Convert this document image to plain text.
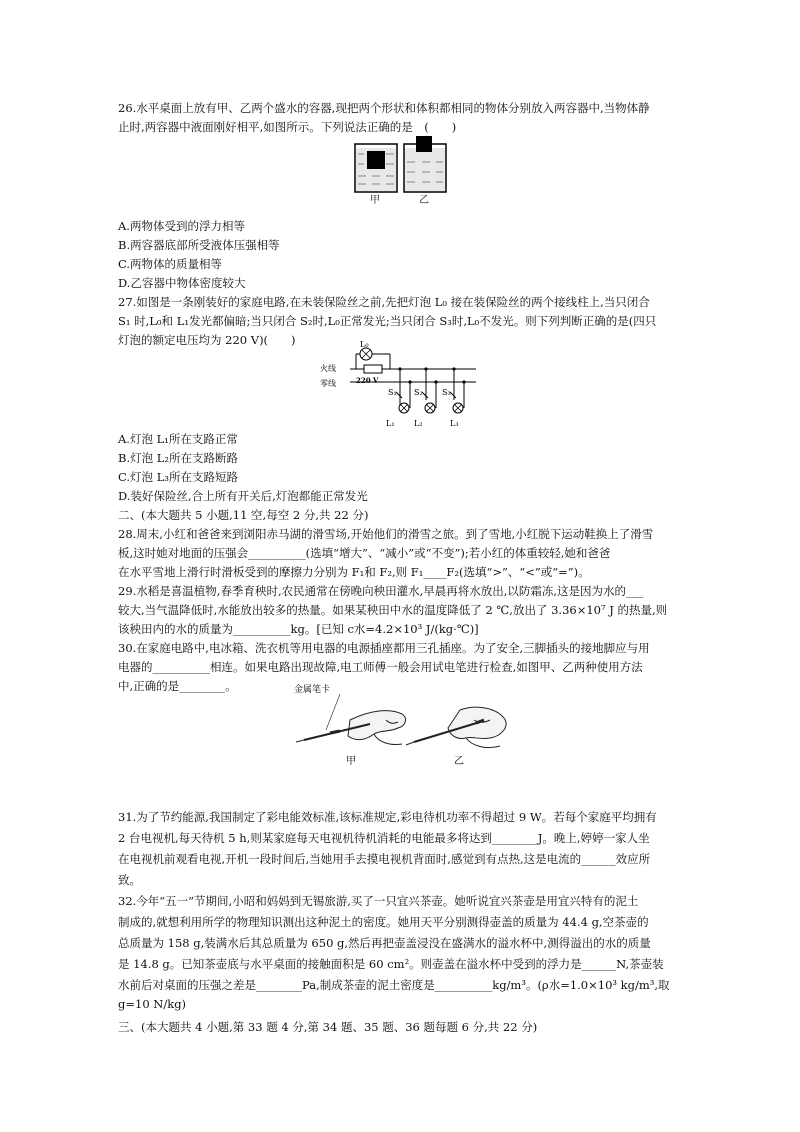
26.水平桌面上放有甲、乙两个盛水的容器,现把两个形状和体积都相同的物体分别放入两容器中,当物体静
止时,两容器中液面刚好相平,如图所示。下列说法正确的是　(　　)
甲	乙
A.两物体受到的浮力相等
B.两容器底部所受液体压强相等
C.两物体的质量相等
D.乙容器中物体密度较大
27.如图是一条刚装好的家庭电路,在未装保险丝之前,先把灯泡 L₀ 接在装保险丝的两个接线柱上,当只闭合
S₁ 时,L₀和 L₁发光都偏暗;当只闭合 S₂时,L₀正常发光;当只闭合 S₃时,L₀不发光。则下列判断正确的是(四只
灯泡的额定电压均为 220 V)(　　)	L₀
火线
零线	220 V
S₁ S₂ S₃
L₁ L₂	L₃
A.灯泡 L₁所在支路正常
B.灯泡 L₂所在支路断路
C.灯泡 L₃所在支路短路
D.装好保险丝,合上所有开关后,灯泡都能正常发光
二、(本大题共 5 小题,11 空,每空 2 分,共 22 分)
28.周末,小红和爸爸来到浏阳赤马湖的滑雪场,开始他们的滑雪之旅。到了雪地,小红脱下运动鞋换上了滑雪
板,这时她对地面的压强会__________(选填“增大”、“减小”或“不变”);若小红的体重较轻,她和爸爸
在水平雪地上滑行时滑板受到的摩擦力分别为 F₁和 F₂,则 F₁____F₂(选填“>”、“<”或“=”)。
29.水稻是喜温植物,春季育秧时,农民通常在傍晚向秧田灌水,早晨再将水放出,以防霜冻,这是因为水的___
较大,当气温降低时,水能放出较多的热量。如果某秧田中水的温度降低了 2 ℃,放出了 3.36×10⁷ J 的热量,则
该秧田内的水的质量为__________kg。[已知 c水=4.2×10³ J/(kg·℃)]
30.在家庭电路中,电冰箱、洗衣机等用电器的电源插座都用三孔插座。为了安全,三脚插头的接地脚应与用
电器的__________相连。如果电路出现故障,电工师傅一般会用试电笔进行检查,如图甲、乙两种使用方法
中,正确的是________。	金属笔卡
甲	乙
31.为了节约能源,我国制定了彩电能效标准,该标准规定,彩电待机功率不得超过 9 W。若每个家庭平均拥有
2 台电视机,每天待机 5 h,则某家庭每天电视机待机消耗的电能最多将达到________J。晚上,婷婷一家人坐
在电视机前观看电视,开机一段时间后,当她用手去摸电视机背面时,感觉到有点热,这是电流的______效应所
致。
32.今年“五一”节期间,小昭和妈妈到无锡旅游,买了一只宜兴茶壶。她听说宜兴茶壶是用宜兴特有的泥土
制成的,就想利用所学的物理知识测出这种泥土的密度。她用天平分别测得壶盖的质量为 44.4 g,空茶壶的
总质量为 158 g,装满水后其总质量为 650 g,然后再把壶盖浸没在盛满水的溢水杯中,测得溢出的水的质量
是 14.8 g。已知茶壶底与水平桌面的接触面积是 60 cm²。则壶盖在溢水杯中受到的浮力是______N,茶壶装
水前后对桌面的压强之差是________Pa,制成茶壶的泥土密度是__________kg/m³。(ρ水=1.0×10³ kg/m³,取
g=10 N/kg)
三、(本大题共 4 小题,第 33 题 4 分,第 34 题、35 题、36 题每题 6 分,共 22 分)
